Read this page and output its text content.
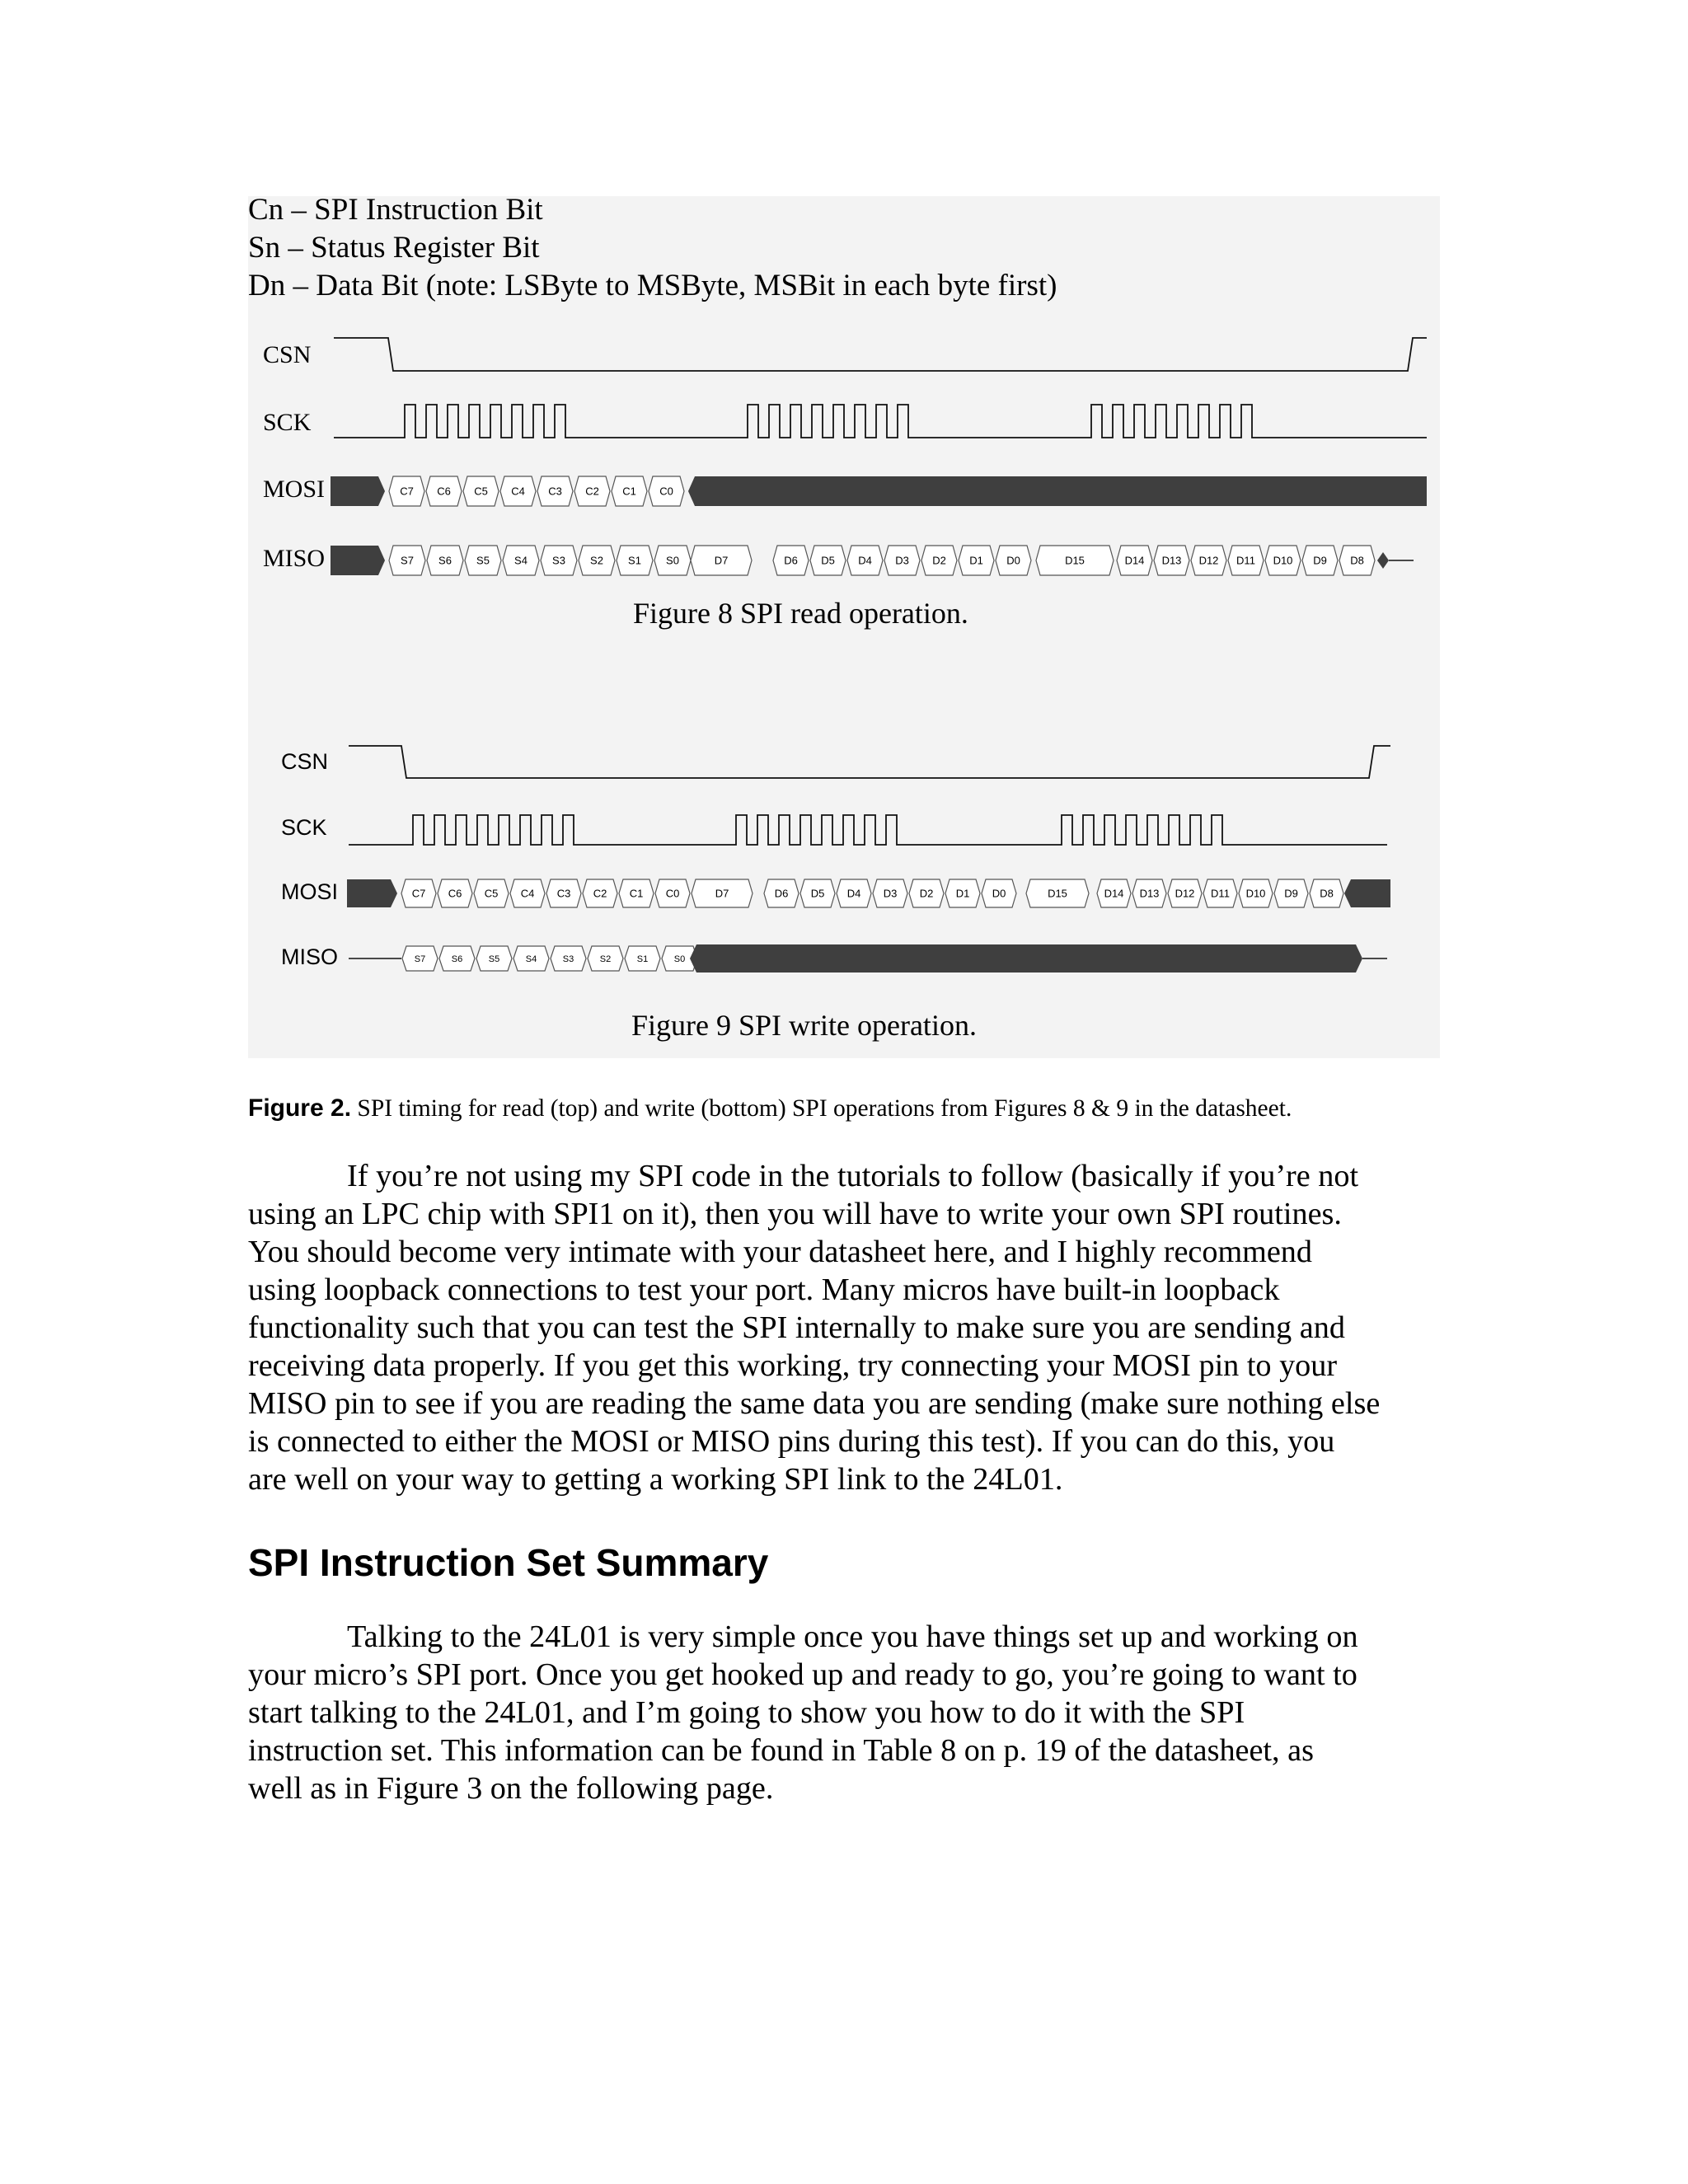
Cn – SPI Instruction Bit
Sn – Status Register Bit
Dn – Data Bit (note: LSByte to MSByte, MSBit in each byte first)
CSN
SCK
MOSI
MISO
C7 C6 C5 C4 C3 C2 C1 C0
S7 S6 S5 S4 S3 S2 S1 S0	D7	D6 D5 D4 D3 D2 D1 D0	D15	D14 D13 D12 D11 D10 D9 D8
CSN
SCK
MOSI
MISO
C7 C6 C5 C4 C3 C2 C1 C0	D7	D6 D5 D4 D3 D2 D1 D0	D15	D14 D13 D12 D11 D10 D9 D8
S7	S6	S5	S4	S3	S2	S1	S0
Figure 8 SPI read operation.
Figure 9 SPI write operation.
Figure 2. SPI timing for read (top) and write (bottom) SPI operations from Figures 8 & 9 in the datasheet.
If you’re not using my SPI code in the tutorials to follow (basically if you’re not
using an LPC chip with SPI1 on it), then you will have to write your own SPI routines.
You should become very intimate with your datasheet here, and I highly recommend
using loopback connections to test your port. Many micros have built-in loopback
functionality such that you can test the SPI internally to make sure you are sending and
receiving data properly. If you get this working, try connecting your MOSI pin to your
MISO pin to see if you are reading the same data you are sending (make sure nothing else
is connected to either the MOSI or MISO pins during this test). If you can do this, you
are well on your way to getting a working SPI link to the 24L01.
SPI Instruction Set Summary
Talking to the 24L01 is very simple once you have things set up and working on
your micro’s SPI port. Once you get hooked up and ready to go, you’re going to want to
start talking to the 24L01, and I’m going to show you how to do it with the SPI
instruction set. This information can be found in Table 8 on p. 19 of the datasheet, as
well as in Figure 3 on the following page.
